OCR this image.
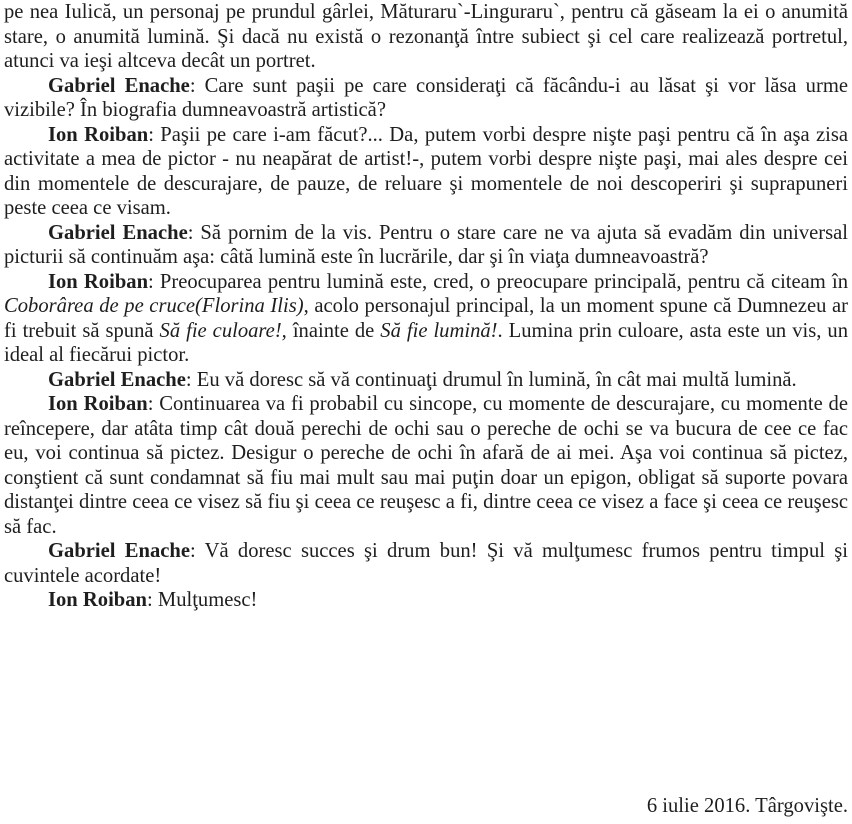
pe nea Iulică, un personaj pe prundul gârlei, Măturaru`-Linguraru`, pentru că găseam la ei o anumită stare, o anumită lumină. Şi dacă nu există o rezonanţă între subiect şi cel care realizează portretul, atunci va ieşi altceva decât un portret.

Gabriel Enache: Care sunt paşii pe care consideraţi că făcându-i au lăsat şi vor lăsa urme vizibile? În biografia dumneavoastră artistică?

Ion Roiban: Paşii pe care i-am făcut?... Da, putem vorbi despre nişte paşi pentru că în aşa zisa activitate a mea de pictor - nu neapărat de artist!-, putem vorbi despre nişte paşi, mai ales despre cei din momentele de descurajare, de pauze, de reluare şi momentele de noi descoperiri şi suprapuneri peste ceea ce visam.

Gabriel Enache: Să pornim de la vis. Pentru o stare care ne va ajuta să evadăm din universal picturii să continuăm aşa: câtă lumină este în lucrările, dar şi în viaţa dumneavoastră?

Ion Roiban: Preocuparea pentru lumină este, cred, o preocupare principală, pentru că citeam în Coborârea de pe cruce(Florina Ilis), acolo personajul principal, la un moment spune că Dumnezeu ar fi trebuit să spună Să fie culoare!, înainte de Să fie lumină!. Lumina prin culoare, asta este un vis, un ideal al fiecărui pictor.

Gabriel Enache: Eu vă doresc să vă continuaţi drumul în lumină, în cât mai multă lumină.

Ion Roiban: Continuarea va fi probabil cu sincope, cu momente de descurajare, cu momente de reîncepere, dar atâta timp cât două perechi de ochi sau o pereche de ochi se va bucura de cee ce fac eu, voi continua să pictez. Desigur o pereche de ochi în afară de ai mei. Aşa voi continua să pictez, conştient că sunt condamnat să fiu mai mult sau mai puţin doar un epigon, obligat să suporte povara distanţei dintre ceea ce visez să fiu şi ceea ce reuşesc a fi, dintre ceea ce visez a face şi ceea ce reuşesc să fac.

Gabriel Enache: Vă doresc succes şi drum bun! Şi vă mulţumesc frumos pentru timpul şi cuvintele acordate!

Ion Roiban: Mulţumesc!

6 iulie 2016. Târgovişte.
